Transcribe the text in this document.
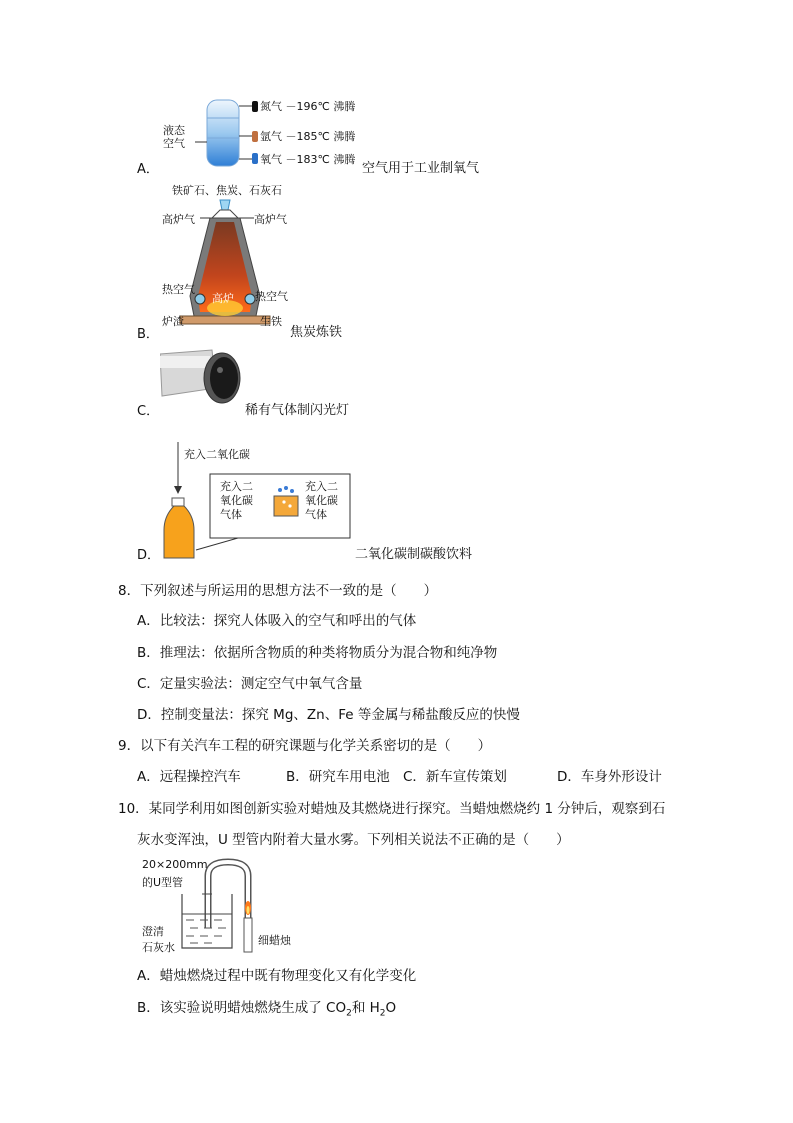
液态
空气
氮气 －196℃ 沸腾
氩气 －185℃ 沸腾
氧气 －183℃ 沸腾
A．	空气用于工业制氧气
铁矿石、焦炭、石灰石
高炉气	高炉气
热空气
热空气
高炉
炉渣	生铁
B．	焦炭炼铁
C．	稀有气体制闪光灯
充入二氧化碳
充入二
氧化碳
气体
充入二
氧化碳
气体
D．	二氧化碳制碳酸饮料
8．下列叙述与所运用的思想方法不一致的是（　　）
A．比较法：探究人体吸入的空气和呼出的气体
B．推理法：依据所含物质的种类将物质分为混合物和纯净物
C．定量实验法：测定空气中氧气含量
D．控制变量法：探究 Mg、Zn、Fe 等金属与稀盐酸反应的快慢
9．以下有关汽车工程的研究课题与化学关系密切的是（　　）
A．远程操控汽车	B．研究车用电池 C．新车宣传策划	D．车身外形设计
10．某同学利用如图创新实验对蜡烛及其燃烧进行探究。当蜡烛燃烧约 1 分钟后，观察到石
灰水变浑浊，U 型管内附着大量水雾。下列相关说法不正确的是（　　）
20×200mm
的U型管
澄清
石灰水
细蜡烛
A．蜡烛燃烧过程中既有物理变化又有化学变化
B．该实验说明蜡烛燃烧生成了 $CO_2$和 $H_2O$
